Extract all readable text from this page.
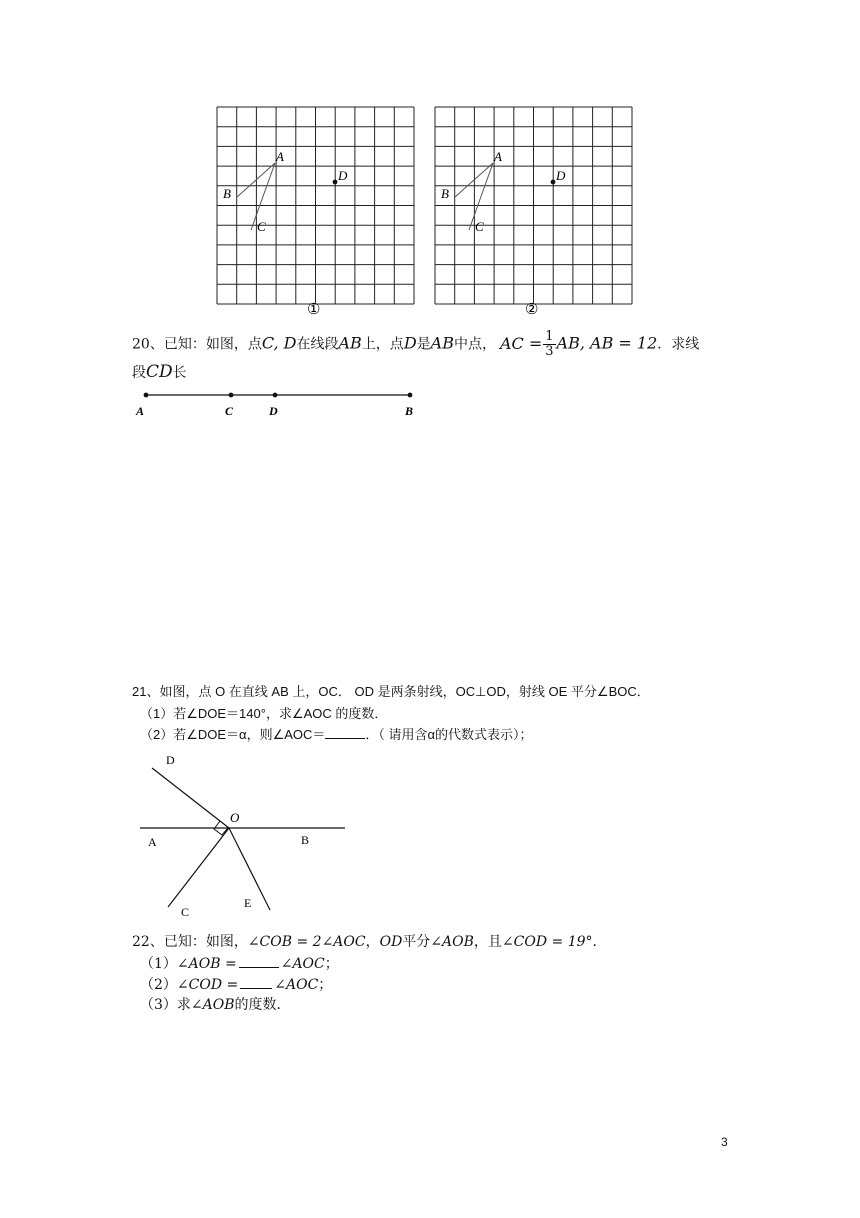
A
B
C
D
①
A
B
C
D
②
20、已知：如图，点C, D在线段AB上，点D是AB中点， AC = $\frac{1}{3}$ AB, AB = 12．求线
段CD长
A	C	D	B
21、如图，点 O 在直线 AB 上，OC． OD 是两条射线，OC⊥OD，射线 OE 平分∠BOC．
（1）若∠DOE＝140°，求∠AOC 的度数．
（2）若∠DOE＝α，则∠AOC＝	．（ 请用含α的代数式表示）；
D
O
A	B
C
E
22、已知：如图，∠COB = 2∠AOC，OD平分∠AOB，且∠COD = 19°．
（1）∠AOB =	∠AOC；
（2）∠COD =	∠AOC；
（3）求∠AOB的度数．
3
